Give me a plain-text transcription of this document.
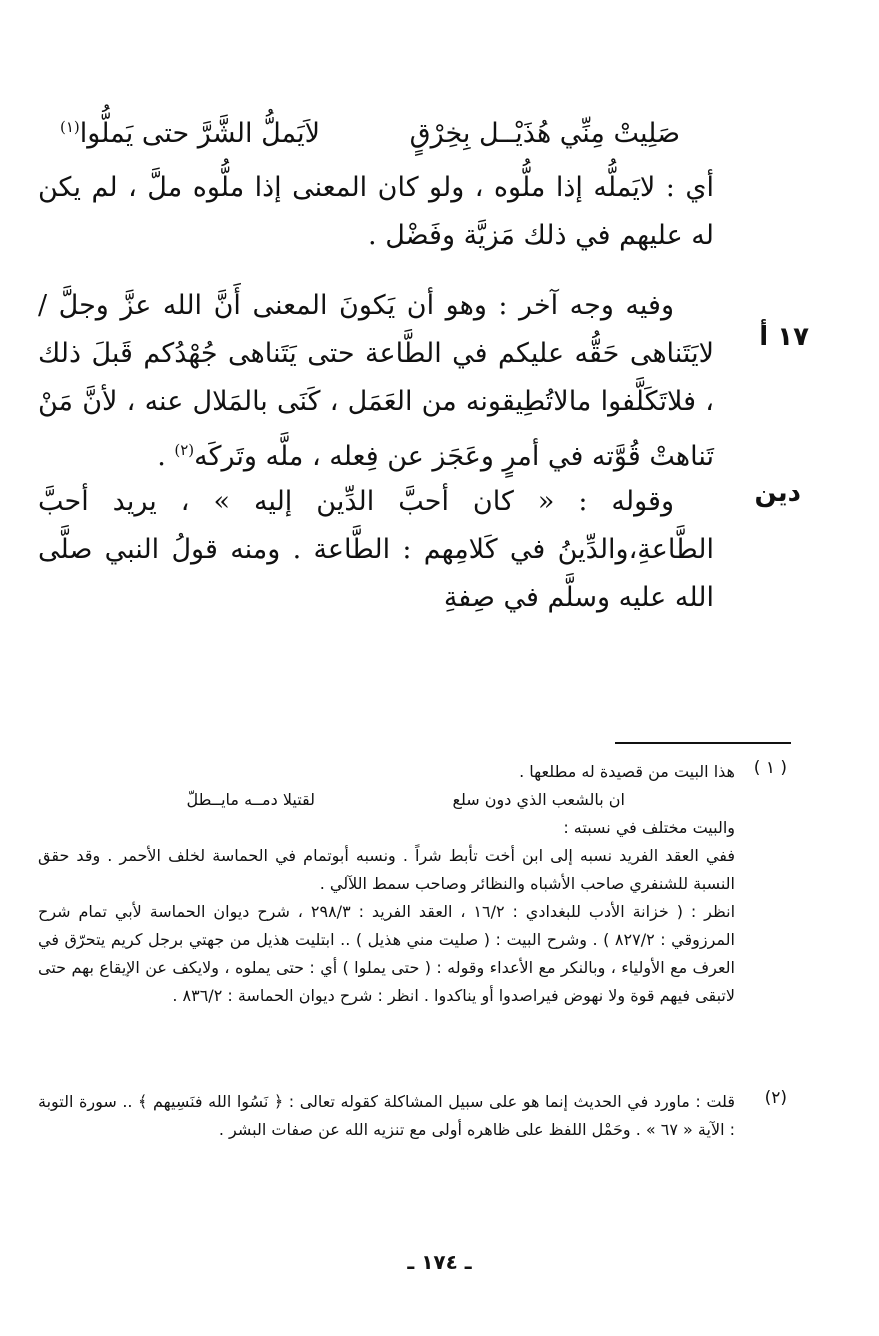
صَلِيتْ مِنِّي هُذَيْــل بِخِرْقٍ
لاَيَملُّ الشَّرَّ حتى يَملُّوا$^{(١)}$
أي : لايَملُّه إذا ملُّوه ، ولو كان المعنى إذا ملُّوه ملَّ ، لم يكن له عليهم في ذلك مَزيَّة وفَضْل .
وفيه وجه آخر : وهو أن يَكونَ المعنى أَنَّ الله عزَّ وجلَّ / لايَتَناهى حَقُّه عليكم في الطَّاعة حتى يَتَناهى جُهْدُكم قَبلَ ذلك ، فلاتَكَلَّفوا مالاتُطِيقونه من العَمَل ، كَنَى بالمَلال عنه ، لأنَّ مَنْ تَناهتْ قُوَّته في أمرٍ وعَجَز عن فِعله ، ملَّه وتَركَه$^{(٢)}$ .
وقوله : « كان أحبَّ الدِّين إليه » ، يريد أحبَّ الطَّاعةِ،والدِّينُ في كَلامِهم : الطَّاعة . ومنه قولُ النبي صلَّى الله عليه وسلَّم في صِفةِ
١٧ أ
دين
( ١ )
هذا البيت من قصيدة له مطلعها .
ان بالشعب الذي دون سلع
لقتيلا دمــه مايــطلّ
والبيت مختلف في نسبته :
ففي العقد الفريد نسبه إلى ابن أخت تأبط شراً . ونسبه أبوتمام في الحماسة لخلف الأحمر . وقد حقق النسبة للشنفري صاحب الأشباه والنظائر وصاحب سمط اللآلي .
انظر : ( خزانة الأدب للبغدادي : ١٦/٢ ، العقد الفريد : ٢٩٨/٣ ، شرح ديوان الحماسة لأبي تمام شرح المرزوقي : ٨٢٧/٢ ) . وشرح البيت : ( صليت مني هذيل ) .. ابتليت هذيل من جهتي برجل كريم يتحرّق في العرف مع الأولياء ، وبالنكر مع الأعداء وقوله : ( حتى يملوا ) أي : حتى يملوه ، ولايكف عن الإيقاع بهم حتى لاتبقى فيهم قوة ولا نهوض فيراصدوا أو يناكدوا . انظر : شرح ديوان الحماسة : ٨٣٦/٢ .
(٢)
قلت : ماورد في الحديث إنما هو على سبيل المشاكلة كقوله تعالى : ﴿ نَسُوا الله فنَسِيهم ﴾ .. سورة التوبة : الآية « ٦٧ » . وحَمْل اللفظ على ظاهره أولى مع تنزيه الله عن صفات البشر .
ـ ١٧٤ ـ
